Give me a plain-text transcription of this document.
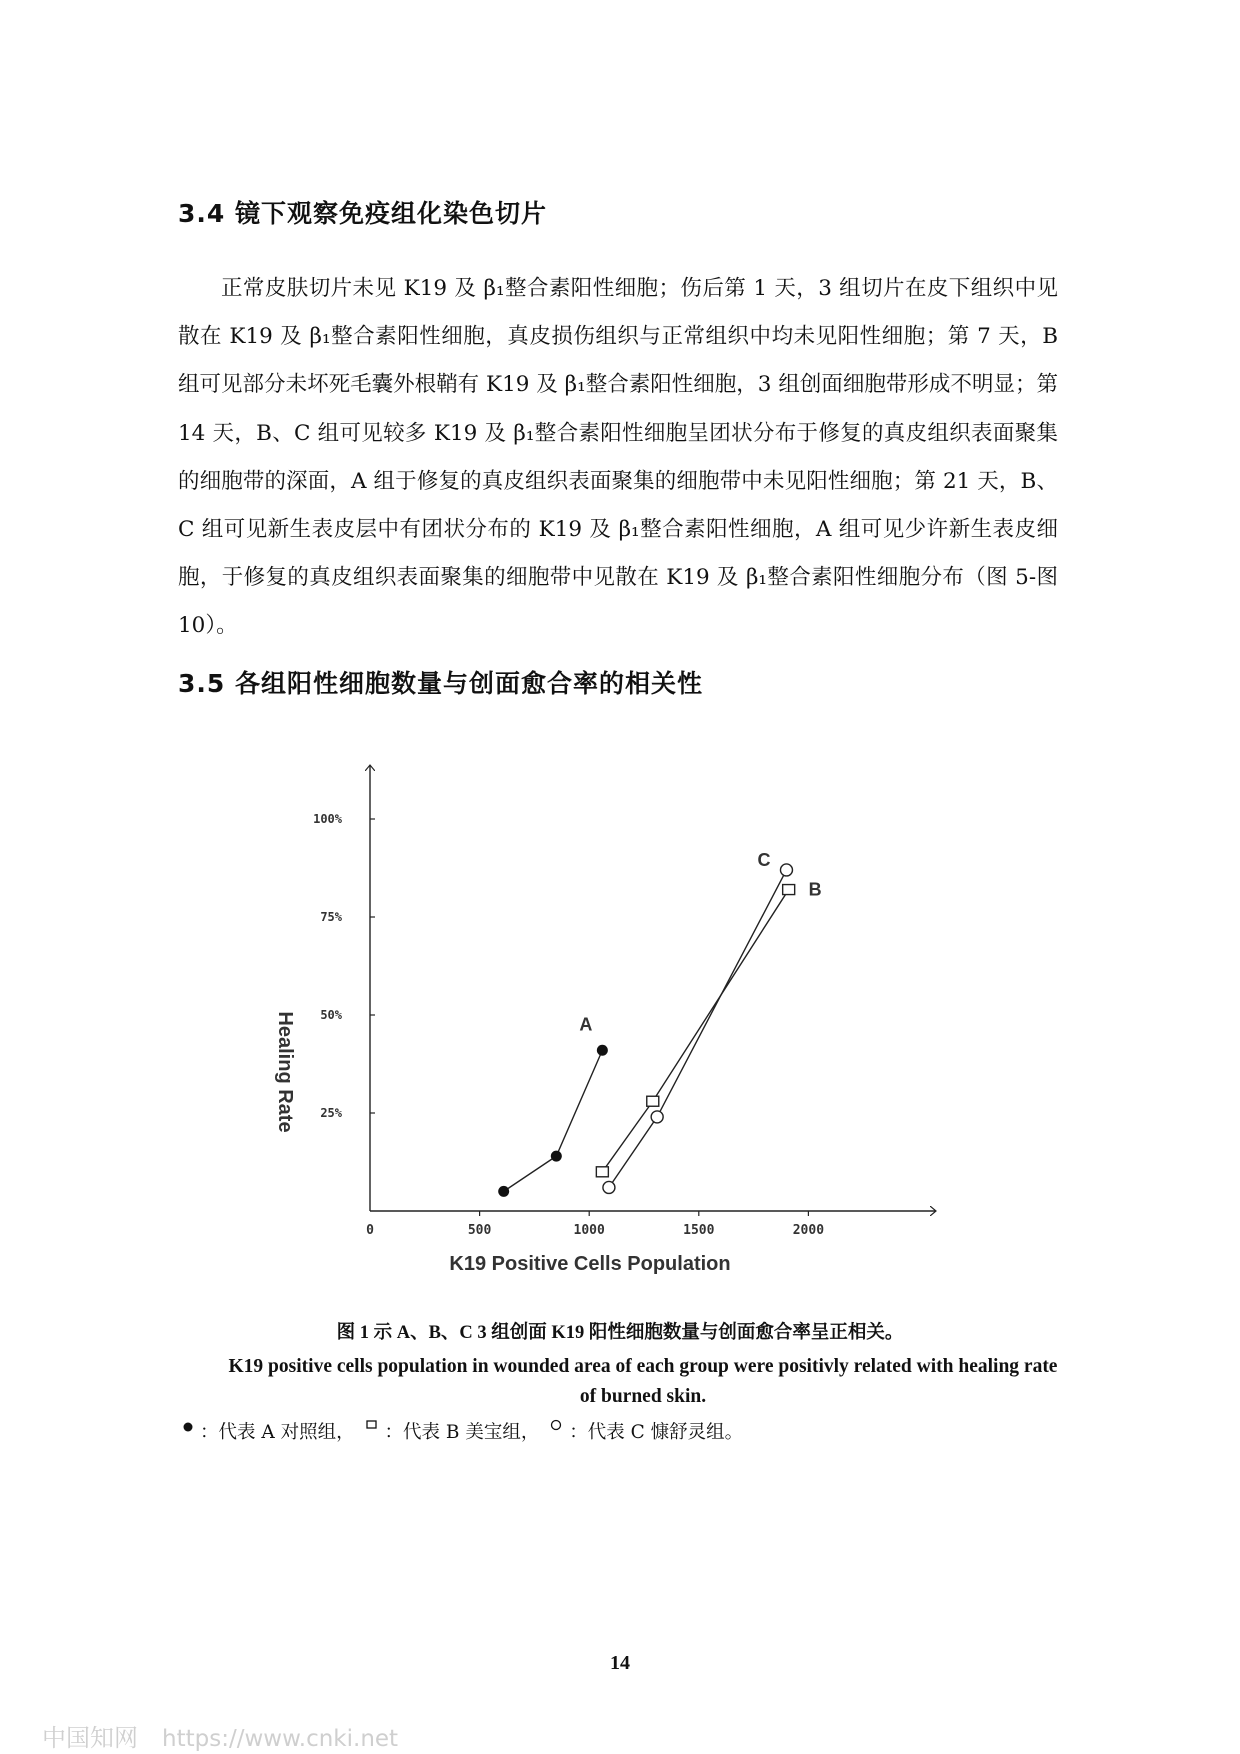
3.4 镜下观察免疫组化染色切片

正常皮肤切片未见 K19 及 β₁整合素阳性细胞；伤后第 1 天，3 组切片在皮下组织中见散在 K19 及 β₁整合素阳性细胞，真皮损伤组织与正常组织中均未见阳性细胞；第 7 天，B 组可见部分未坏死毛囊外根鞘有 K19 及 β₁整合素阳性细胞，3 组创面细胞带形成不明显；第 14 天，B、C 组可见较多 K19 及 β₁整合素阳性细胞呈团状分布于修复的真皮组织表面聚集的细胞带的深面，A 组于修复的真皮组织表面聚集的细胞带中未见阳性细胞；第 21 天，B、C 组可见新生表皮层中有团状分布的 K19 及 β₁整合素阳性细胞，A 组可见少许新生表皮细胞，于修复的真皮组织表面聚集的细胞带中见散在 K19 及 β₁整合素阳性细胞分布（图 5-图 10）。

3.5 各组阳性细胞数量与创面愈合率的相关性
0	500	1000	1500	2000
25%
50%
75%
100%
A
B
C
K19 Positive Cells Population
Healing Rate

图 1 示 A、B、C 3 组创面 K19 阳性细胞数量与创面愈合率呈正相关。

K19 positive cells population in wounded area of each group were positivly related with healing rate of burned skin.

：代表 A 对照组， ：代表 B 美宝组， ：代表 C 慷舒灵组。
14
中国知网 https://www.cnki.net
